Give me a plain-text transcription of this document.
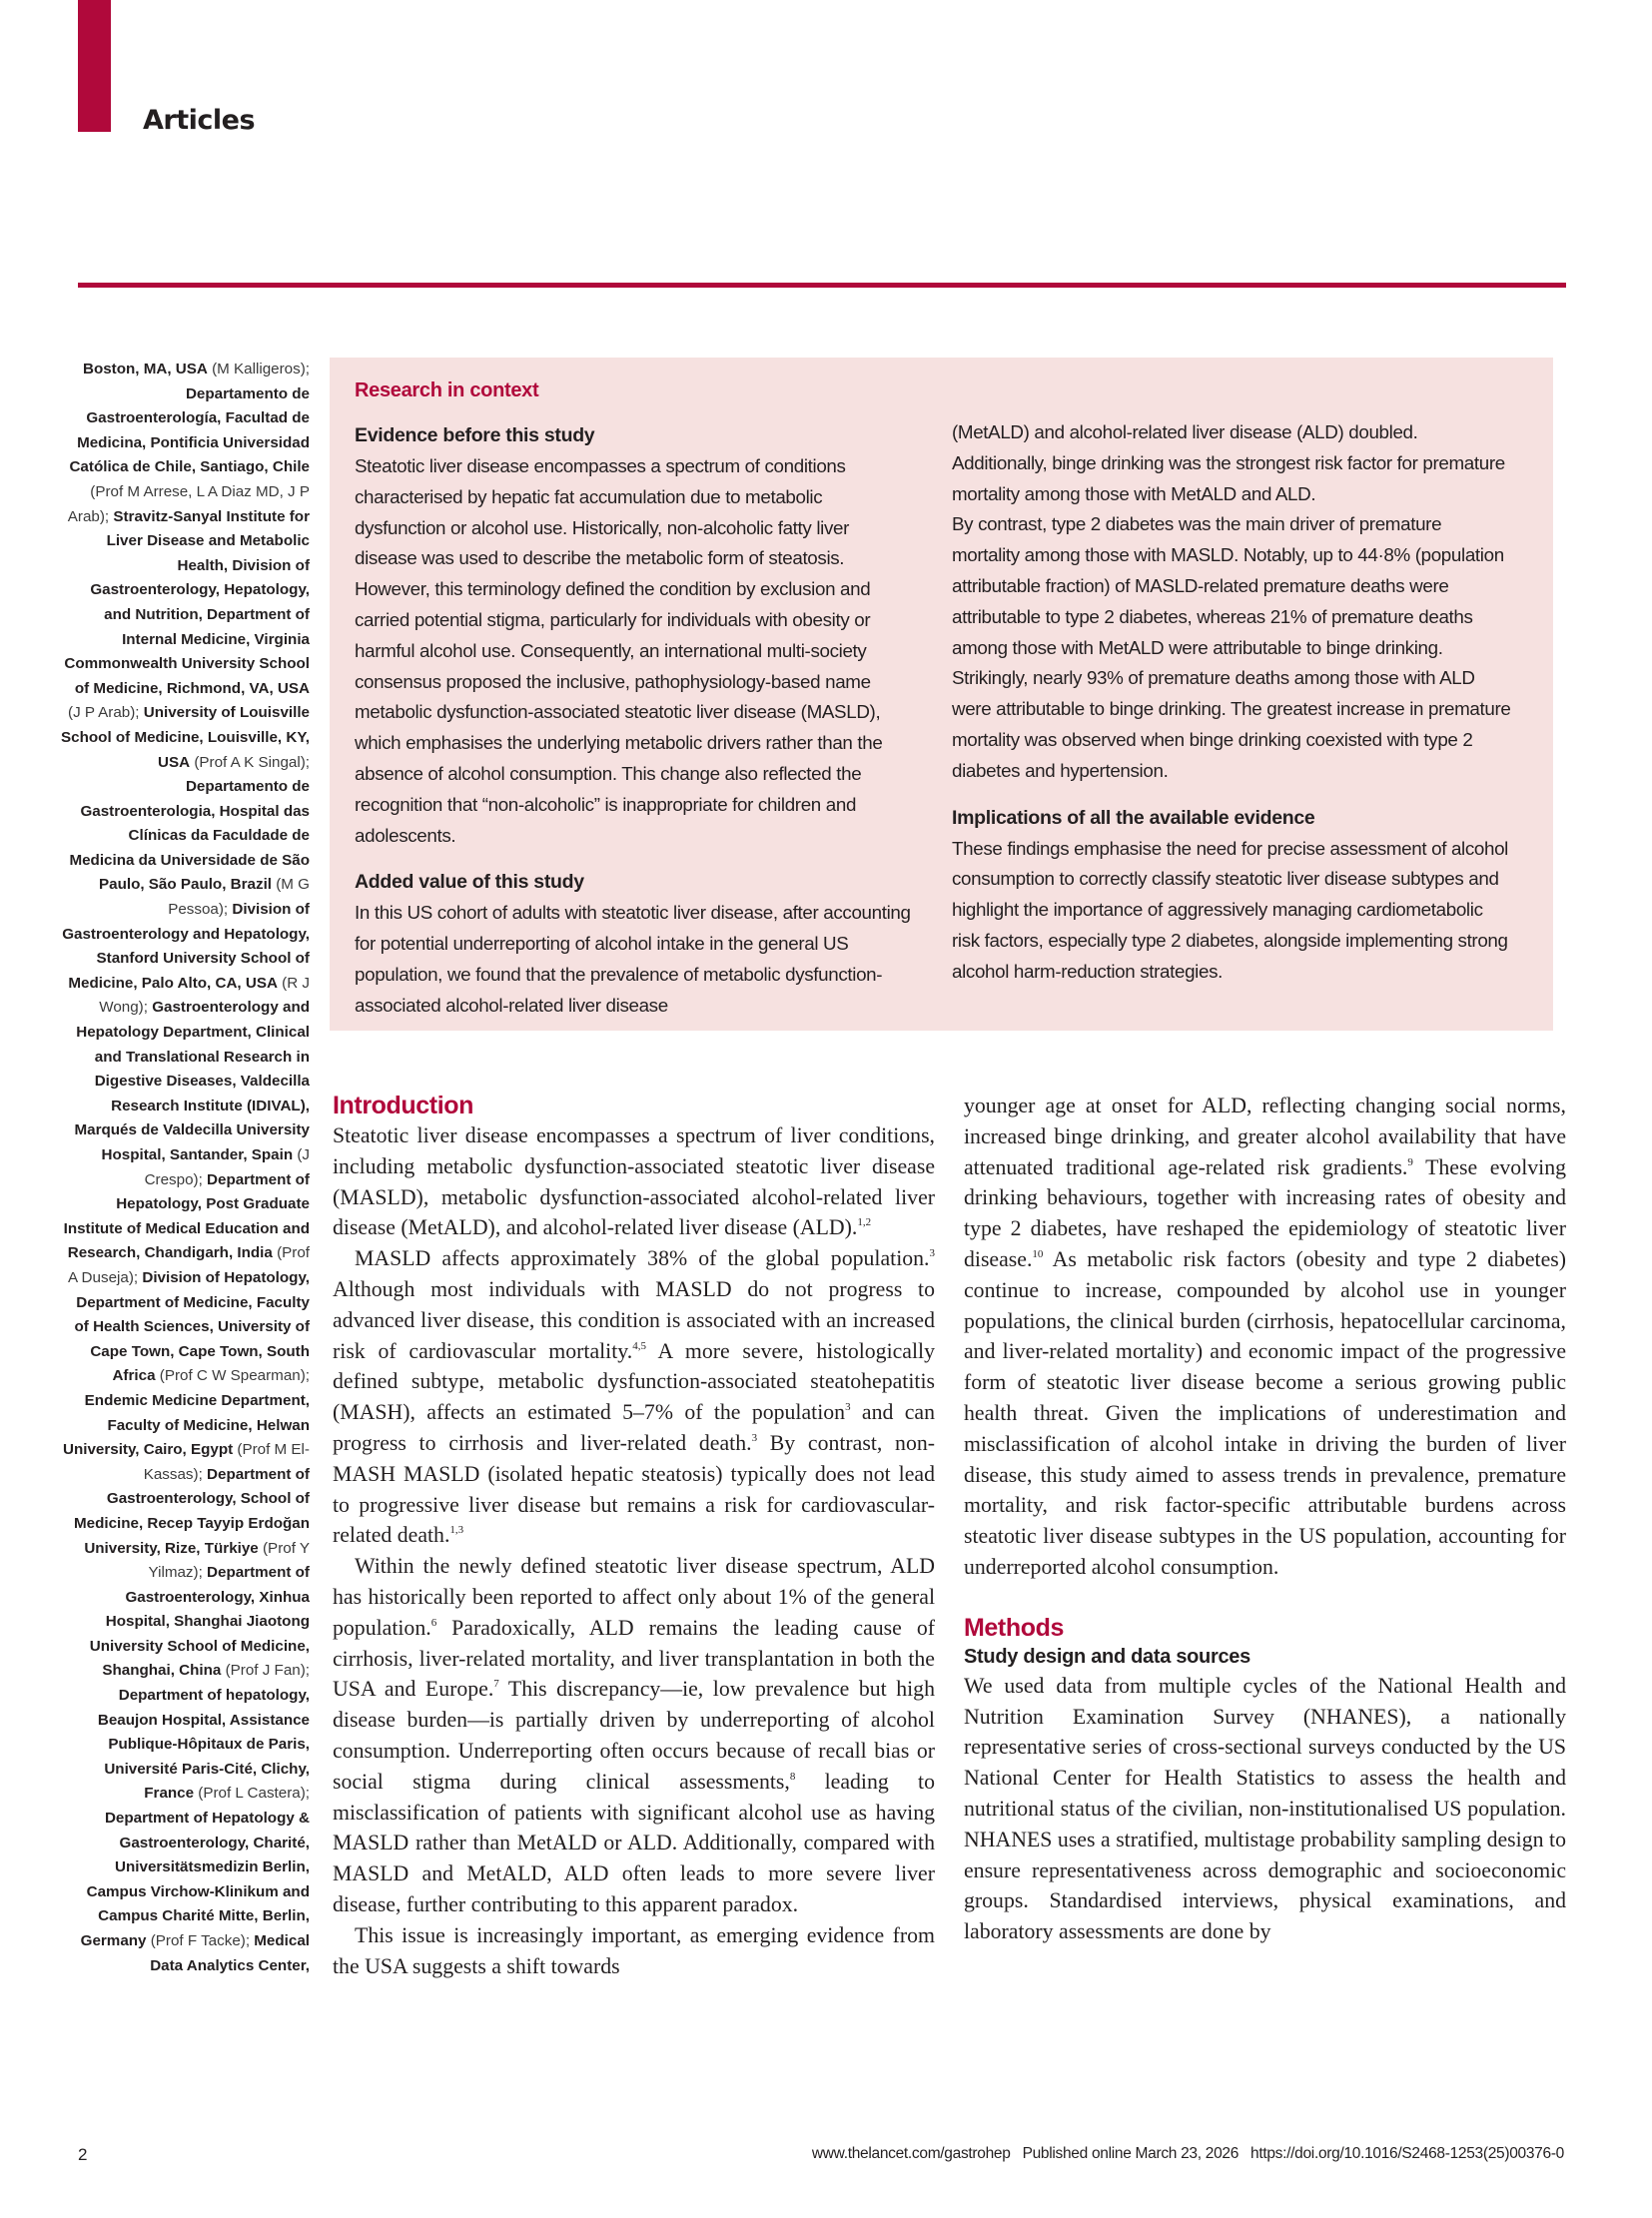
Articles
Boston, MA, USA (M Kalligeros); Departamento de Gastroenterología, Facultad de Medicina, Pontificia Universidad Católica de Chile, Santiago, Chile (Prof M Arrese, L A Diaz MD, J P Arab); Stravitz-Sanyal Institute for Liver Disease and Metabolic Health, Division of Gastroenterology, Hepatology, and Nutrition, Department of Internal Medicine, Virginia Commonwealth University School of Medicine, Richmond, VA, USA (J P Arab); University of Louisville School of Medicine, Louisville, KY, USA (Prof A K Singal); Departamento de Gastroenterologia, Hospital das Clínicas da Faculdade de Medicina da Universidade de São Paulo, São Paulo, Brazil (M G Pessoa); Division of Gastroenterology and Hepatology, Stanford University School of Medicine, Palo Alto, CA, USA (R J Wong); Gastroenterology and Hepatology Department, Clinical and Translational Research in Digestive Diseases, Valdecilla Research Institute (IDIVAL), Marqués de Valdecilla University Hospital, Santander, Spain (J Crespo); Department of Hepatology, Post Graduate Institute of Medical Education and Research, Chandigarh, India (Prof A Duseja); Division of Hepatology, Department of Medicine, Faculty of Health Sciences, University of Cape Town, Cape Town, South Africa (Prof C W Spearman); Endemic Medicine Department, Faculty of Medicine, Helwan University, Cairo, Egypt (Prof M El-Kassas); Department of Gastroenterology, School of Medicine, Recep Tayyip Erdoğan University, Rize, Türkiye (Prof Y Yilmaz); Department of Gastroenterology, Xinhua Hospital, Shanghai Jiaotong University School of Medicine, Shanghai, China (Prof J Fan); Department of hepatology, Beaujon Hospital, Assistance Publique-Hôpitaux de Paris, Université Paris-Cité, Clichy, France (Prof L Castera); Department of Hepatology & Gastroenterology, Charité, Universitätsmedizin Berlin, Campus Virchow-Klinikum and Campus Charité Mitte, Berlin, Germany (Prof F Tacke); Medical Data Analytics Center,
Research in context
Evidence before this study

Steatotic liver disease encompasses a spectrum of conditions characterised by hepatic fat accumulation due to metabolic dysfunction or alcohol use. Historically, non-alcoholic fatty liver disease was used to describe the metabolic form of steatosis. However, this terminology defined the condition by exclusion and carried potential stigma, particularly for individuals with obesity or harmful alcohol use. Consequently, an international multi-society consensus proposed the inclusive, pathophysiology-based name metabolic dysfunction-associated steatotic liver disease (MASLD), which emphasises the underlying metabolic drivers rather than the absence of alcohol consumption. This change also reflected the recognition that “non-alcoholic” is inappropriate for children and adolescents.

Added value of this study

In this US cohort of adults with steatotic liver disease, after accounting for potential underreporting of alcohol intake in the general US population, we found that the prevalence of metabolic dysfunction-associated alcohol-related liver disease

(MetALD) and alcohol-related liver disease (ALD) doubled. Additionally, binge drinking was the strongest risk factor for premature mortality among those with MetALD and ALD.

By contrast, type 2 diabetes was the main driver of premature mortality among those with MASLD. Notably, up to 44·8% (population attributable fraction) of MASLD-related premature deaths were attributable to type 2 diabetes, whereas 21% of premature deaths among those with MetALD were attributable to binge drinking. Strikingly, nearly 93% of premature deaths among those with ALD were attributable to binge drinking. The greatest increase in premature mortality was observed when binge drinking coexisted with type 2 diabetes and hypertension.

Implications of all the available evidence

These findings emphasise the need for precise assessment of alcohol consumption to correctly classify steatotic liver disease subtypes and highlight the importance of aggressively managing cardiometabolic risk factors, especially type 2 diabetes, alongside implementing strong alcohol harm-reduction strategies.

Introduction

Steatotic liver disease encompasses a spectrum of liver conditions, including metabolic dysfunction-associated steatotic liver disease (MASLD), metabolic dysfunction-associated alcohol-related liver disease (MetALD), and alcohol-related liver disease (ALD).$^{1,2}$

MASLD affects approximately 38% of the global population.$^3$ Although most individuals with MASLD do not progress to advanced liver disease, this condition is associated with an increased risk of cardiovascular mortality.$^{4,5}$ A more severe, histologically defined subtype, metabolic dysfunction-associated steatohepatitis (MASH), affects an estimated 5–7% of the population$^3$ and can progress to cirrhosis and liver-related death.$^3$ By contrast, non-MASH MASLD (isolated hepatic steatosis) typically does not lead to progressive liver disease but remains a risk for cardiovascular-related death.$^{1,3}$

Within the newly defined steatotic liver disease spectrum, ALD has historically been reported to affect only about 1% of the general population.$^6$ Paradoxically, ALD remains the leading cause of cirrhosis, liver-related mortality, and liver transplantation in both the USA and Europe.$^7$ This discrepancy—ie, low prevalence but high disease burden—is partially driven by underreporting of alcohol consumption. Underreporting often occurs because of recall bias or social stigma during clinical assessments,$^8$ leading to misclassification of patients with significant alcohol use as having MASLD rather than MetALD or ALD. Additionally, compared with MASLD and MetALD, ALD often leads to more severe liver disease, further contributing to this apparent paradox.

This issue is increasingly important, as emerging evidence from the USA suggests a shift towards

younger age at onset for ALD, reflecting changing social norms, increased binge drinking, and greater alcohol availability that have attenuated traditional age-related risk gradients.$^9$ These evolving drinking behaviours, together with increasing rates of obesity and type 2 diabetes, have reshaped the epidemiology of steatotic liver disease.$^{10}$ As metabolic risk factors (obesity and type 2 diabetes) continue to increase, compounded by alcohol use in younger populations, the clinical burden (cirrhosis, hepatocellular carcinoma, and liver-related mortality) and economic impact of the progressive form of steatotic liver disease become a serious growing public health threat. Given the implications of underestimation and misclassification of alcohol intake in driving the burden of liver disease, this study aimed to assess trends in prevalence, premature mortality, and risk factor-specific attributable burdens across steatotic liver disease subtypes in the US population, accounting for underreported alcohol consumption.

Methods
Study design and data sources

We used data from multiple cycles of the National Health and Nutrition Examination Survey (NHANES), a nationally representative series of cross-sectional surveys conducted by the US National Center for Health Statistics to assess the health and nutritional status of the civilian, non-institutionalised US population. NHANES uses a stratified, multistage probability sampling design to ensure representativeness across demographic and socioeconomic groups. Standardised interviews, physical examinations, and laboratory assessments are done by

2	www.thelancet.com/gastrohep Published online March 23, 2026 https://doi.org/10.1016/S2468-1253(25)00376-0
